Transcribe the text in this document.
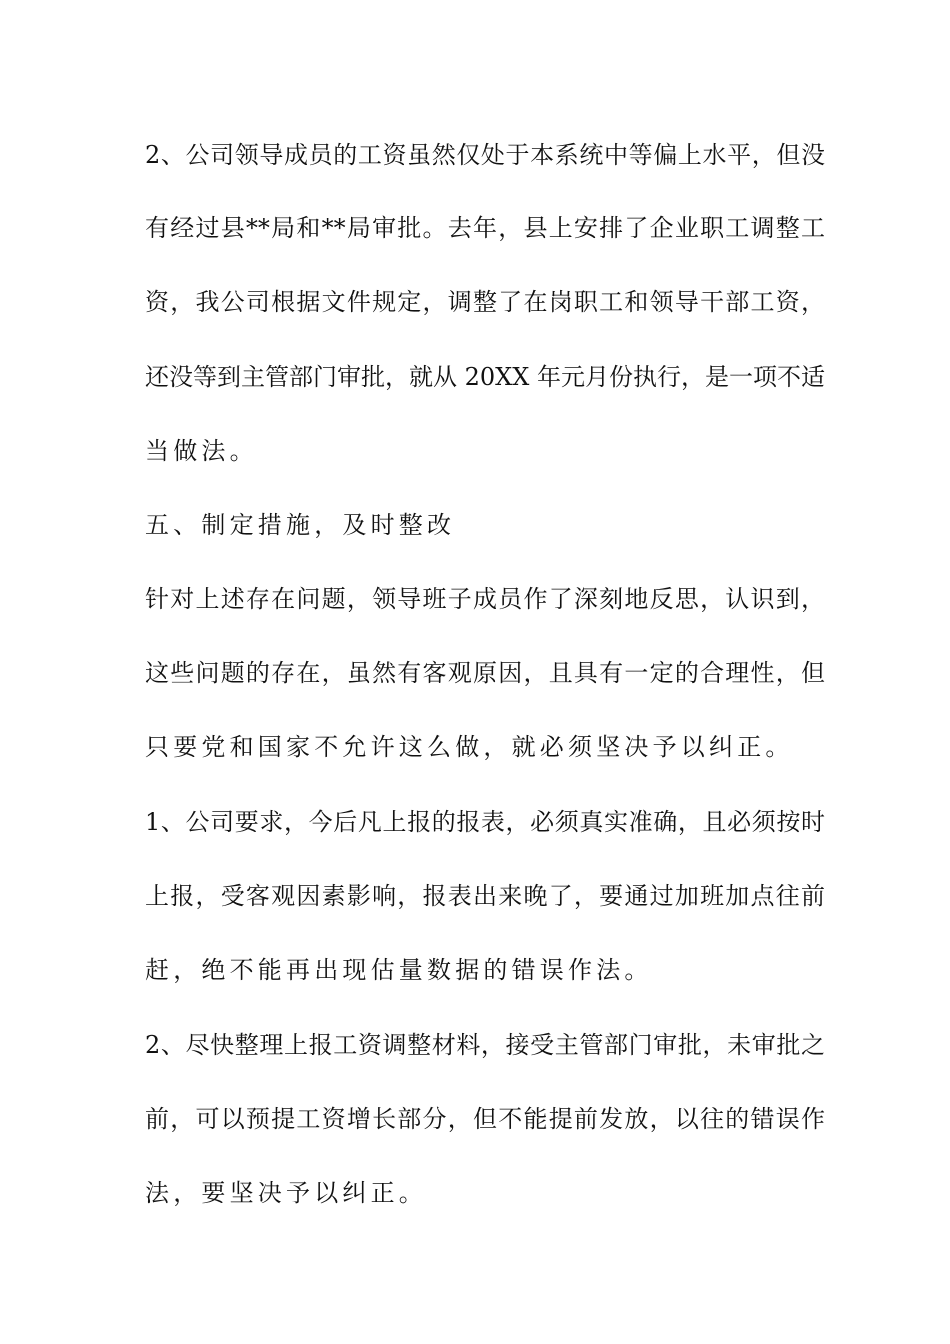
2、公司领导成员的工资虽然仅处于本系统中等偏上水平，但没
有经过县**局和**局审批。去年，县上安排了企业职工调整工
资，我公司根据文件规定，调整了在岗职工和领导干部工资，
还没等到主管部门审批，就从 20XX 年元月份执行，是一项不适
当做法。
五、制定措施，及时整改
针对上述存在问题，领导班子成员作了深刻地反思，认识到，
这些问题的存在，虽然有客观原因，且具有一定的合理性，但
只要党和国家不允许这么做，就必须坚决予以纠正。
1、公司要求，今后凡上报的报表，必须真实准确，且必须按时
上报，受客观因素影响，报表出来晚了，要通过加班加点往前
赶，绝不能再出现估量数据的错误作法。
2、尽快整理上报工资调整材料，接受主管部门审批，未审批之
前，可以预提工资增长部分，但不能提前发放，以往的错误作
法，要坚决予以纠正。
